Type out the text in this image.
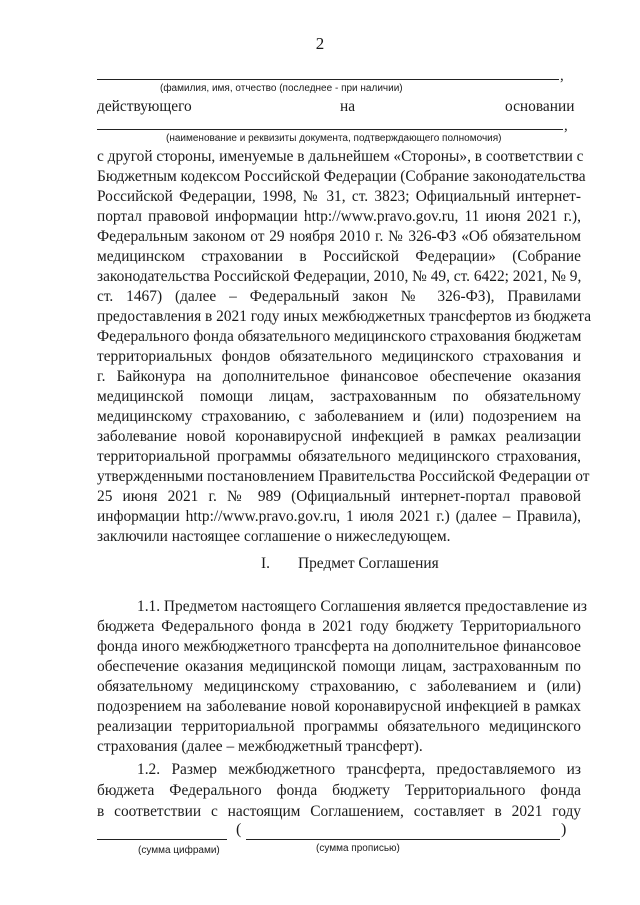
2
,
(фамилия, имя, отчество (последнее - при наличии)
действующего	на	основании
,
(наименование и реквизиты документа, подтверждающего полномочия)
с другой стороны, именуемые в дальнейшем «Стороны», в соответствии с
Бюджетным кодексом Российской Федерации (Собрание законодательства
Российской Федерации, 1998, № 31, ст. 3823; Официальный интернет-
портал правовой информации http://www.pravo.gov.ru, 11 июня 2021 г.),
Федеральным законом от 29 ноября 2010 г. № 326-ФЗ «Об обязательном
медицинском страховании в Российской Федерации» (Собрание
законодательства Российской Федерации, 2010, № 49, ст. 6422; 2021, № 9,
ст. 1467) (далее – Федеральный закон № 326-ФЗ), Правилами
предоставления в 2021 году иных межбюджетных трансфертов из бюджета
Федерального фонда обязательного медицинского страхования бюджетам
территориальных фондов обязательного медицинского страхования и
г. Байконура на дополнительное финансовое обеспечение оказания
медицинской помощи лицам, застрахованным по обязательному
медицинскому страхованию, с заболеванием и (или) подозрением на
заболевание новой коронавирусной инфекцией в рамках реализации
территориальной программы обязательного медицинского страхования,
утвержденными постановлением Правительства Российской Федерации от
25 июня 2021 г. № 989 (Официальный интернет-портал правовой
информации http://www.pravo.gov.ru, 1 июля 2021 г.) (далее – Правила),
заключили настоящее соглашение о нижеследующем.
I. Предмет Соглашения
1.1. Предметом настоящего Соглашения является предоставление из
бюджета Федерального фонда в 2021 году бюджету Территориального
фонда иного межбюджетного трансферта на дополнительное финансовое
обеспечение оказания медицинской помощи лицам, застрахованным по
обязательному медицинскому страхованию, с заболеванием и (или)
подозрением на заболевание новой коронавирусной инфекцией в рамках
реализации территориальной программы обязательного медицинского
страхования (далее – межбюджетный трансферт).
1.2. Размер межбюджетного трансферта, предоставляемого из
бюджета Федерального фонда бюджету Территориального фонда
в соответствии с настоящим Соглашением, составляет в 2021 году
(	)
(сумма цифрами)	(сумма прописью)
